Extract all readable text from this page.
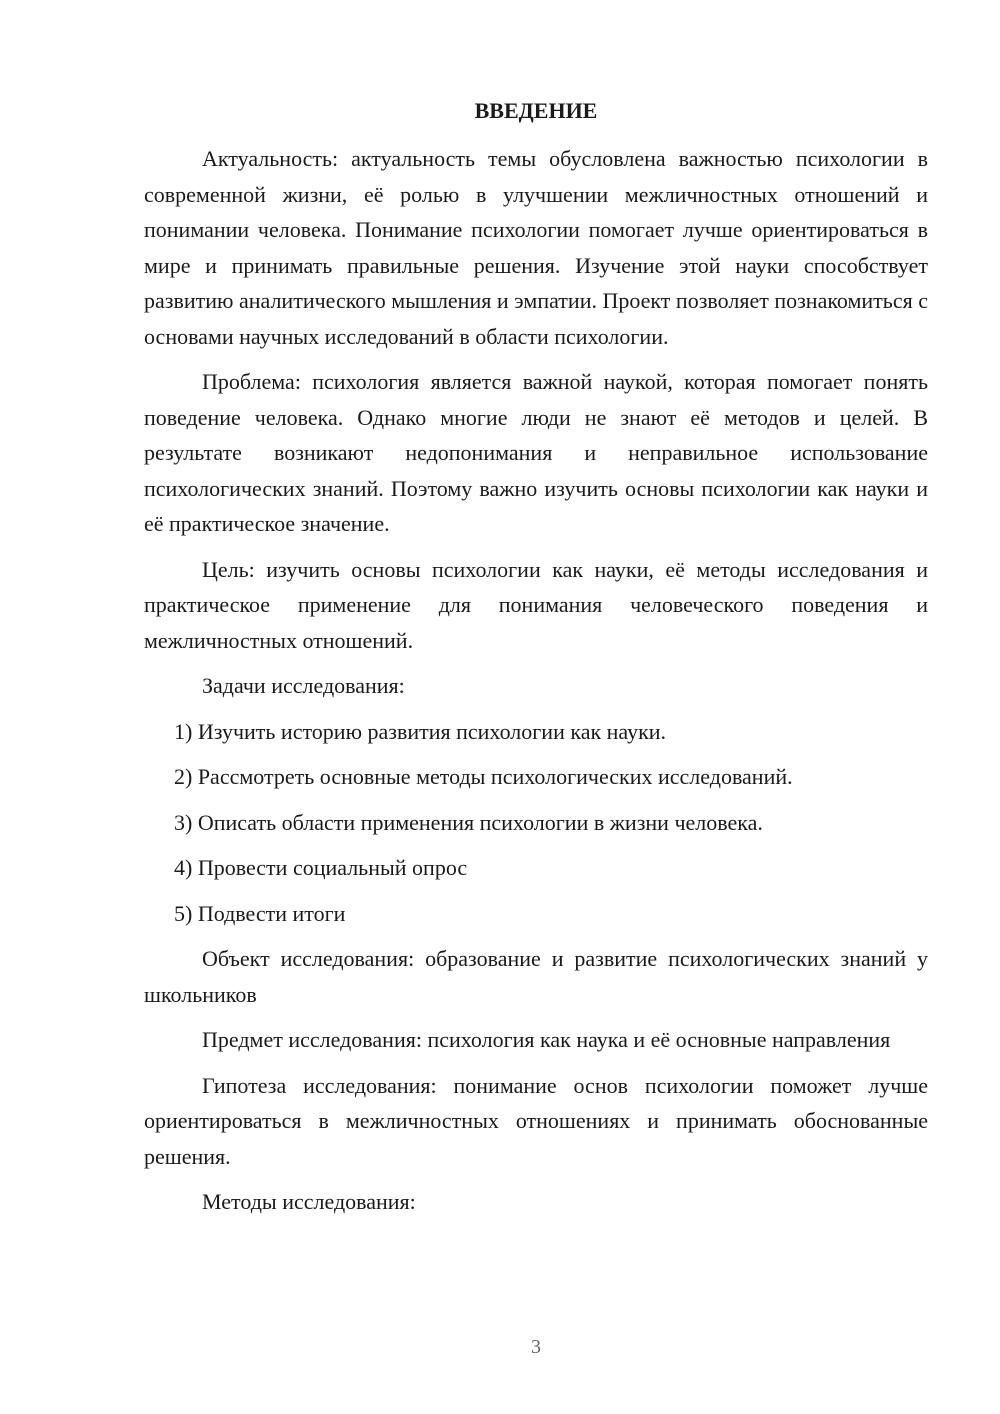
ВВЕДЕНИЕ

Актуальность: актуальность темы обусловлена важностью психологии в современной жизни, её ролью в улучшении межличностных отношений и понимании человека. Понимание психологии помогает лучше ориентироваться в мире и принимать правильные решения. Изучение этой науки способствует развитию аналитического мышления и эмпатии. Проект позволяет познакомиться с основами научных исследований в области психологии.

Проблема: психология является важной наукой, которая помогает понять поведение человека. Однако многие люди не знают её методов и целей. В результате возникают недопонимания и неправильное использование психологических знаний. Поэтому важно изучить основы психологии как науки и её практическое значение.

Цель: изучить основы психологии как науки, её методы исследования и практическое применение для понимания человеческого поведения и межличностных отношений.

Задачи исследования:

1) Изучить историю развития психологии как науки.

2) Рассмотреть основные методы психологических исследований.

3) Описать области применения психологии в жизни человека.

4) Провести социальный опрос

5) Подвести итоги

Объект исследования: образование и развитие психологических знаний у школьников

Предмет исследования: психология как наука и её основные направления

Гипотеза исследования: понимание основ психологии поможет лучше ориентироваться в межличностных отношениях и принимать обоснованные решения.

Методы исследования:

3
